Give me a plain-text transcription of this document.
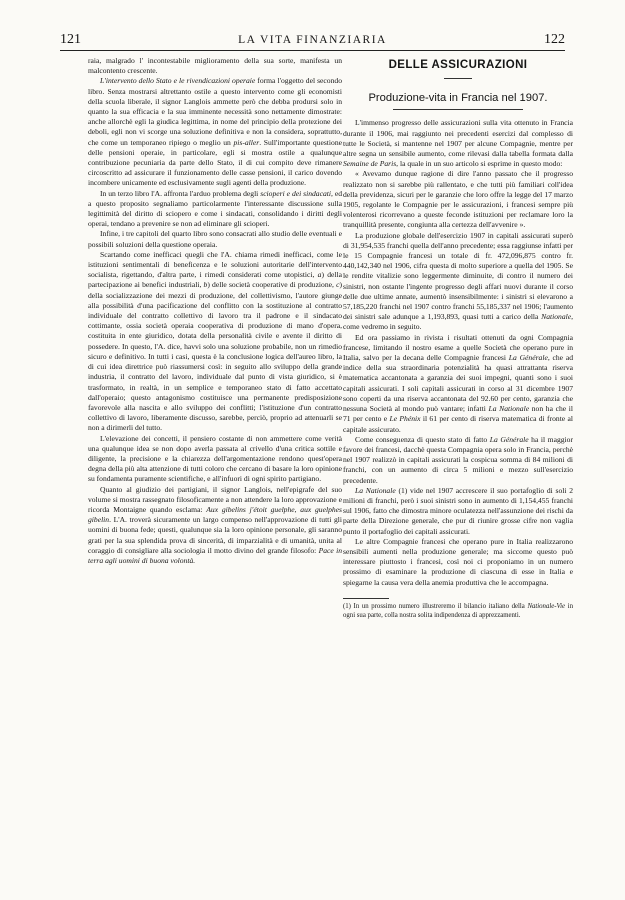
121	LA VITA FINANZIARIA	122

raia, malgrado l' incontestabile miglioramento della sua sorte, manifesta un malcontento crescente.

L'intervento dello Stato e le rivendicazioni operaie forma l'oggetto del secondo libro. Senza mostrarsi altrettanto ostile a questo intervento come gli economisti della scuola liberale, il signor Langlois ammette però che debba prodursi solo in quanto la sua efficacia e la sua imminente necessità sono nettamente dimostrate: anche allorchè egli la giudica legittima, in nome del principio della protezione dei deboli, egli non vi scorge una soluzione definitiva e non la considera, soprattutto, che come un temporaneo ripiego o meglio un pis-aller. Sull'importante questione delle pensioni operaie, in particolare, egli si mostra ostile a qualunque contribuzione pecuniaria da parte dello Stato, il di cui compito deve rimanere circoscritto ad assicurare il funzionamento delle casse pensioni, il carico dovendo incombere unicamente ed esclusivamente sugli agenti della produzione.

In un terzo libro l'A. affronta l'arduo problema degli scioperi e dei sindacati, ed a questo proposito segnaliamo particolarmente l'interessante discussione sulla legittimità del diritto di sciopero e come i sindacati, consolidando i diritti degli operai, tendano a prevenire se non ad eliminare gli scioperi.

Infine, i tre capitoli del quarto libro sono consacrati allo studio delle eventuali e possibili soluzioni della questione operaia.

Scartando come inefficaci quegli che l'A. chiama rimedi inefficaci, come le istituzioni sentimentali di beneficenza e le soluzioni autoritarie dell'intervento socialista, rigettando, d'altra parte, i rimedi considerati come utopistici, a) della partecipazione ai benefici industriali, b) delle società cooperative di produzione, c) della socializzazione dei mezzi di produzione, del collettivismo, l'autore giunge alla possibilità d'una pacificazione del conflitto con la sostituzione al contratto individuale del contratto collettivo di lavoro tra il padrone e il sindacato cottimante, ossia società operaia cooperativa di produzione di mano d'opera, costituita in ente giuridico, dotata della personalità civile e avente il diritto di possedere. In questo, l'A. dice, havvi solo una soluzione probabile, non un rimedio sicuro e definitivo. In tutti i casi, questa è la conclusione logica dell'aureo libro, la di cui idea direttrice può riassumersi così: in seguito allo sviluppo della grande industria, il contratto del lavoro, individuale dal punto di vista giuridico, si è trasformato, in realtà, in un semplice e temporaneo stato di fatto accettato dall'operaio; questo antagonismo costituisce una permanente predisposizione favorevole alla nascita e allo sviluppo dei conflitti; l'istituzione d'un contratto collettivo di lavoro, liberamente discusso, sarebbe, perciò, proprio ad attenuarli se non a dirimerli del tutto.

L'elevazione dei concetti, il pensiero costante di non ammettere come verità una qualunque idea se non dopo averla passata al crivello d'una critica sottile e diligente, la precisione e la chiarezza dell'argomentazione rendono quest'opera degna della più alta attenzione di tutti coloro che cercano di basare la loro opinione su fondamenta puramente scientifiche, e all'infuori di ogni spirito partigiano.

Quanto al giudizio dei partigiani, il signor Langlois, nell'epigrafe del suo volume si mostra rassegnato filosoficamente a non attendere la loro approvazione e ricorda Montaigne quando esclama: Aux gibelins j'étoit guelphe, aux guelphes gibelin. L'A. troverà sicuramente un largo compenso nell'approvazione di tutti gli uomini di buona fede; questi, qualunque sia la loro opinione personale, gli saranno grati per la sua splendida prova di sincerità, di imparzialità e di umanità, unita al coraggio di consigliare alla sociologia il motto divino del grande filosofo: Pace in terra agli uomini di buona volontà.

DELLE ASSICURAZIONI
Produzione-vita in Francia nel 1907.

L'immenso progresso delle assicurazioni sulla vita ottenuto in Francia durante il 1906, mai raggiunto nei precedenti esercizi dal complesso di tutte le Società, si mantenne nel 1907 per alcune Compagnie, mentre per altre segna un sensibile aumento, come rilevasi dalla tabella formata dalla Semaine de Paris, la quale in un suo articolo si esprime in questo modo:

« Avevamo dunque ragione di dire l'anno passato che il progresso realizzato non si sarebbe più rallentato, e che tutti più familiari coll'idea della previdenza, sicuri per le garanzie che loro offre la legge del 17 marzo 1905, regolante le Compagnie per le assicurazioni, i francesi sempre più volenterosi ricorrevano a queste feconde istituzioni per reclamare loro la tranquillità presente, congiunta alla certezza dell'avvenire ».

La produzione globale dell'esercizio 1907 in capitali assicurati superò di 31,954,535 franchi quella dell'anno precedente; essa raggiunse infatti per le 15 Compagnie francesi un totale di fr. 472,096,875 contro fr. 440,142,340 nel 1906, cifra questa di molto superiore a quella del 1905. Se le rendite vitalizie sono leggermente diminuite, di contro il numero dei sinistri, non ostante l'ingente progresso degli affari nuovi durante il corso delle due ultime annate, aumentò insensibilmente: i sinistri si elevarono a 57,185,220 franchi nel 1907 contro franchi 55,185,337 nel 1906; l'aumento dei sinistri sale adunque a 1,193,893, quasi tutti a carico della Nationale, come vedremo in seguito.

Ed ora passiamo in rivista i risultati ottenuti da ogni Compagnia francese, limitando il nostro esame a quelle Società che operano pure in Italia, salvo per la decana delle Compagnie francesi La Générale, che ad indice della sua straordinaria potenzialità ha quasi attrattanta riserva matematica accantonata a garanzia dei suoi impegni, quanti sono i suoi capitali assicurati. I soli capitali assicurati in corso al 31 dicembre 1907 sono coperti da una riserva accantonata del 92.60 per cento, garanzia che nessuna Società al mondo può vantare; infatti La Nationale non ha che il 71 per cento e Le Phénix il 61 per cento di riserva matematica di fronte al capitale assicurato.

Come conseguenza di questo stato di fatto La Générale ha il maggior favore dei francesi, dacchè questa Compagnia opera solo in Francia, perchè nel 1907 realizzò in capitali assicurati la cospicua somma di 84 milioni di franchi, con un aumento di circa 5 milioni e mezzo sull'esercizio precedente.

La Nationale (1) vide nel 1907 accrescere il suo portafoglio di soli 2 milioni di franchi, però i suoi sinistri sono in aumento di 1,154,455 franchi sul 1906, fatto che dimostra minore oculatezza nell'assunzione dei rischi da parte della Direzione generale, che pur di riunire grosse cifre non vaglia punto il portafoglio dei capitali assicurati.

Le altre Compagnie francesi che operano pure in Italia realizzarono sensibili aumenti nella produzione generale; ma siccome questo può interessare piuttosto i francesi, così noi ci proponiamo in un numero prossimo di esaminare la produzione di ciascuna di esse in Italia e spiegarne la causa vera della anemia produttiva che le accompagna.

(1) In un prossimo numero illustreremo il bilancio italiano della Nationale-Vie in ogni sua parte, colla nostra solita indipendenza di apprezzamenti.
